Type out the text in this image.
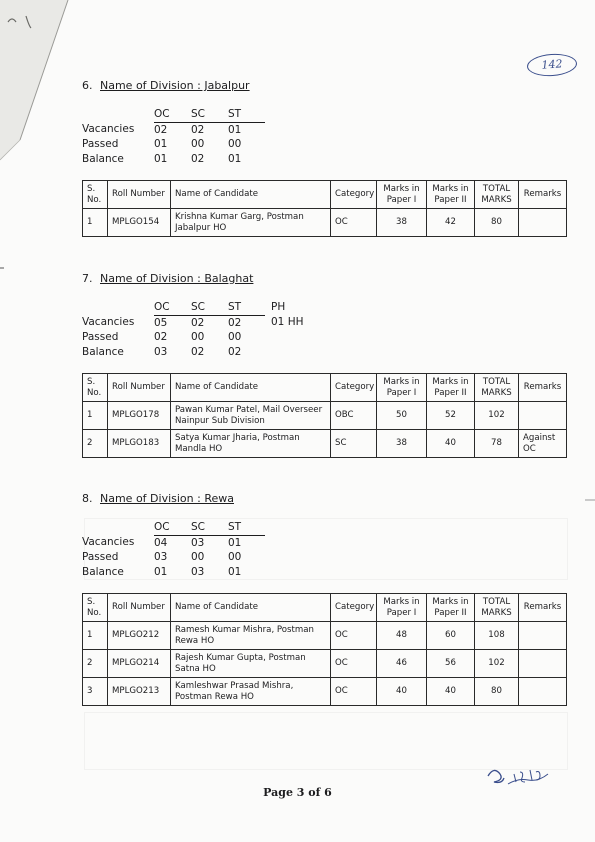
142

6. Name of Division : Jabalpur

	OC	SC	ST
Vacancies	02	02	01
Passed	01	00	00
Balance	01	02	01
S. No.	Roll Number	Name of Candidate	Category	Marks in Paper I	Marks in Paper II	TOTAL MARKS	Remarks
1	MPLGO154	Krishna Kumar Garg, Postman Jabalpur HO	OC	38	42	80	

7. Name of Division : Balaghat

	OC	SC	ST	PH
Vacancies	05	02	02	01 HH
Passed	02	00	00	
Balance	03	02	02	
S. No.	Roll Number	Name of Candidate	Category	Marks in Paper I	Marks in Paper II	TOTAL MARKS	Remarks
1	MPLGO178	Pawan Kumar Patel, Mail Overseer Nainpur Sub Division	OBC	50	52	102	
2	MPLGO183	Satya Kumar Jharia, Postman Mandla HO	SC	38	40	78	Against OC

8. Name of Division : Rewa

	OC	SC	ST
Vacancies	04	03	01
Passed	03	00	00
Balance	01	03	01
S. No.	Roll Number	Name of Candidate	Category	Marks in Paper I	Marks in Paper II	TOTAL MARKS	Remarks
1	MPLGO212	Ramesh Kumar Mishra, Postman Rewa HO	OC	48	60	108	
2	MPLGO214	Rajesh Kumar Gupta, Postman Satna HO	OC	46	56	102	
3	MPLGO213	Kamleshwar Prasad Mishra, Postman Rewa HO	OC	40	40	80	
Page 3 of 6
